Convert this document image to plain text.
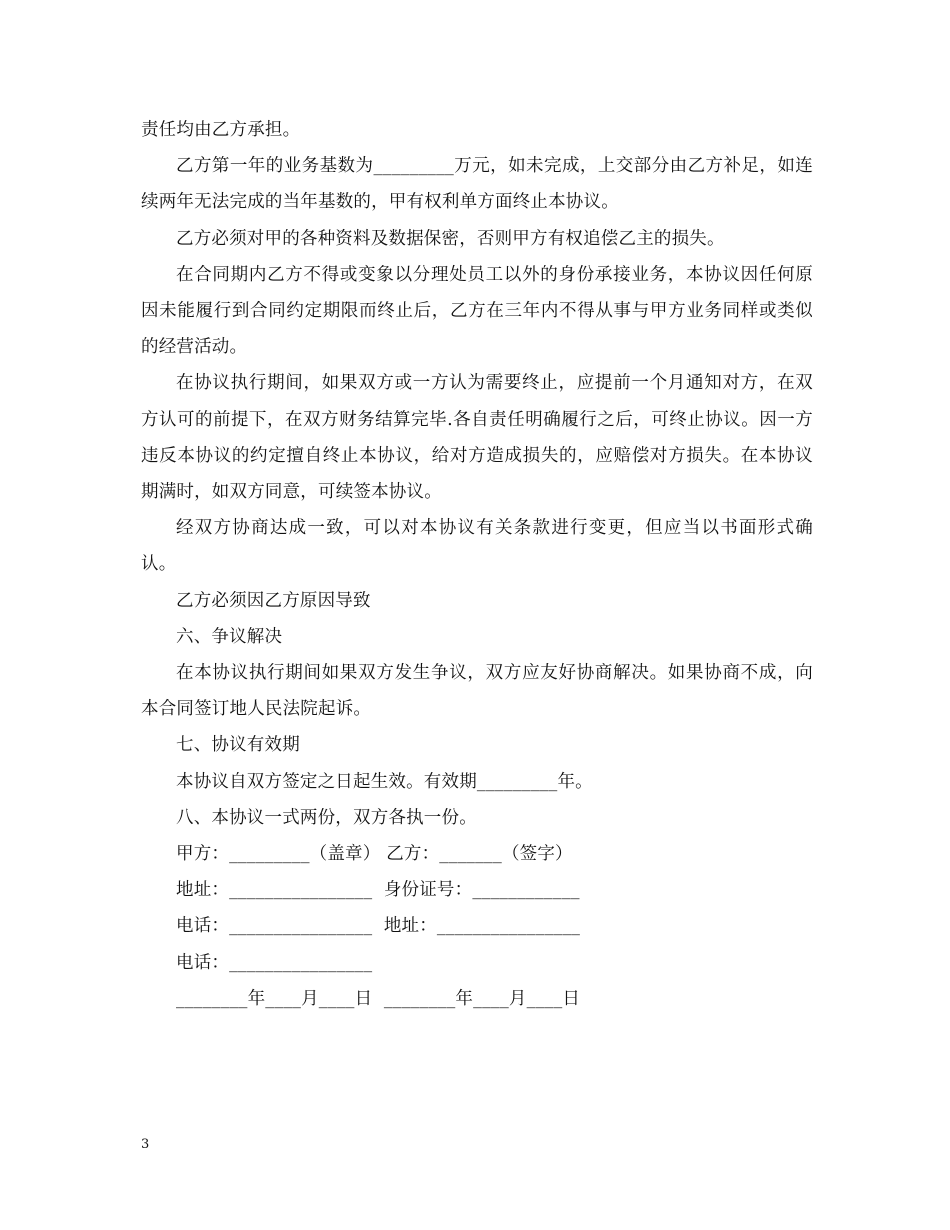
责任均由乙方承担。

乙方第一年的业务基数为_________万元，如未完成，上交部分由乙方补足，如连续两年无法完成的当年基数的，甲有权利单方面终止本协议。

乙方必须对甲的各种资料及数据保密，否则甲方有权追偿乙主的损失。

在合同期内乙方不得或变象以分理处员工以外的身份承接业务，本协议因任何原因未能履行到合同约定期限而终止后，乙方在三年内不得从事与甲方业务同样或类似的经营活动。

在协议执行期间，如果双方或一方认为需要终止，应提前一个月通知对方，在双方认可的前提下，在双方财务结算完毕.各自责任明确履行之后，可终止协议。因一方违反本协议的约定擅自终止本协议，给对方造成损失的，应赔偿对方损失。在本协议期满时，如双方同意，可续签本协议。

经双方协商达成一致，可以对本协议有关条款进行变更，但应当以书面形式确认。

乙方必须因乙方原因导致

六、争议解决

在本协议执行期间如果双方发生争议，双方应友好协商解决。如果协商不成，向本合同签订地人民法院起诉。

七、协议有效期

本协议自双方签定之日起生效。有效期_________年。

八、本协议一式两份，双方各执一份。

甲方：_________（盖章） 乙方：_______（签字）

地址：________________  身份证号：____________

电话：________________  地址：________________

电话：________________

________年____月____日  ________年____月____日

3
